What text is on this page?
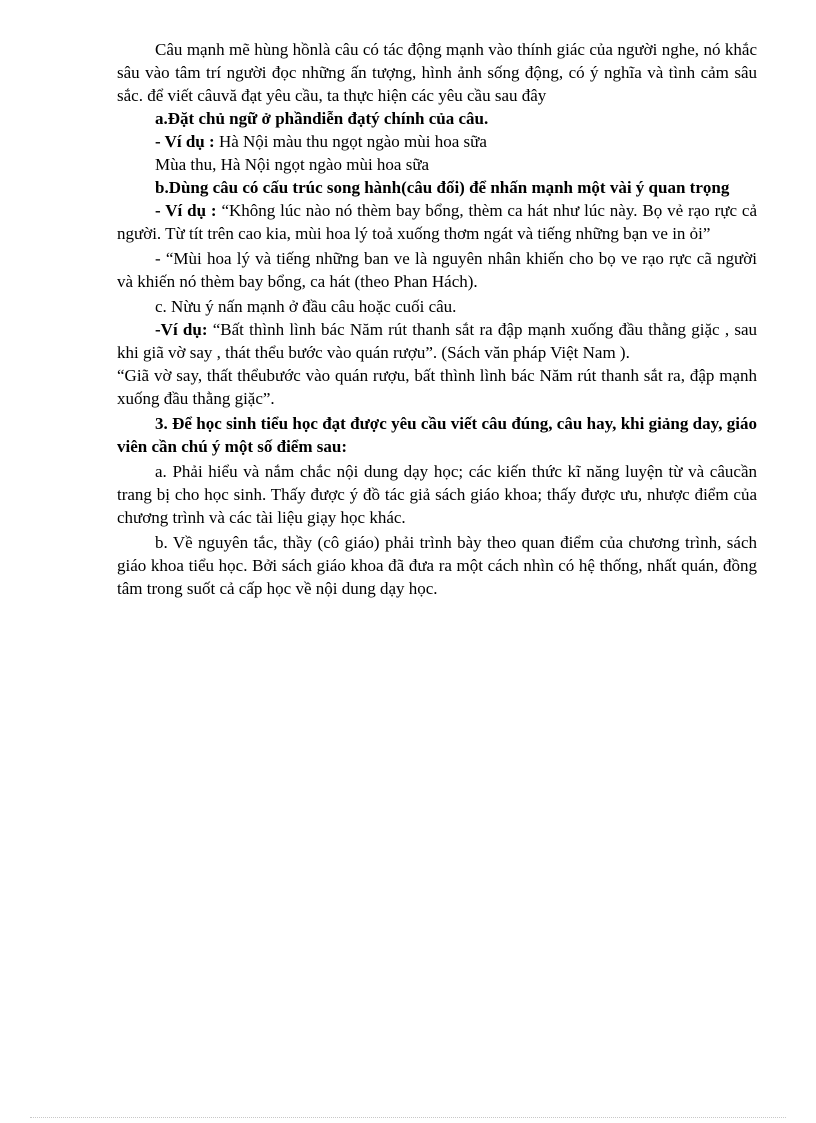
Câu mạnh mẽ hùng hồnlà câu có tác động mạnh vào thính giác của người nghe, nó khắc sâu vào tâm trí người đọc những ấn tượng, hình ảnh sống động, có ý nghĩa và tình cảm sâu sắc. để viết câuvă đạt yêu cầu, ta thực hiện các yêu cầu sau đây

a.Đặt chủ ngữ ở phầndiễn đạtý chính của câu.

- Ví dụ : Hà Nội màu thu ngọt ngào mùi hoa sữa

Mùa thu, Hà Nội ngọt ngào mùi hoa sữa

b.Dùng câu có cấu trúc song hành(câu đối) để nhấn mạnh một vài ý quan trọng

- Ví dụ : “Không lúc nào nó thèm bay bổng, thèm ca hát như lúc này. Bọ vẻ rạo rực cả người. Từ tít trên cao kia, mùi hoa lý toả xuống thơm ngát và tiếng những bạn ve in ỏi”

- “Mùi hoa lý và tiếng những ban ve là nguyên nhân khiến cho bọ ve rạo rực cã người và khiến nó thèm bay bổng, ca hát (theo Phan Hách).

c. Nừu ý nấn mạnh ở đầu câu hoặc cuối câu.

-Ví dụ: “Bất thình lình bác Năm rút thanh sắt ra đập mạnh xuống đầu thằng giặc , sau khi giã vờ say , thát thểu bước vào quán rượu”. (Sách văn pháp Việt Nam ).

“Giã vờ say, thất thểubước vào quán rượu, bất thình lình bác Năm rút thanh sắt ra, đập mạnh xuống đầu thằng giặc”.

3. Để học sinh tiểu học đạt được yêu cầu viết câu đúng, câu hay, khi giảng day, giáo viên cần chú ý một số điểm sau:

a. Phải hiểu và nắm chắc nội dung dạy học; các kiến thức kĩ năng luyện từ và câucần trang bị cho học sinh. Thấy được ý đồ tác giả sách giáo khoa; thấy được ưu, nhược điểm của chương trình và các tài liệu giạy học khác.

b. Về nguyên tắc, thầy (cô giáo) phải trình bày theo quan điểm của chương trình, sách giáo khoa tiểu học. Bởi sách giáo khoa đã đưa ra một cách nhìn có hệ thống, nhất quán, đồng tâm trong suốt cả cấp học về nội dung dạy học.
